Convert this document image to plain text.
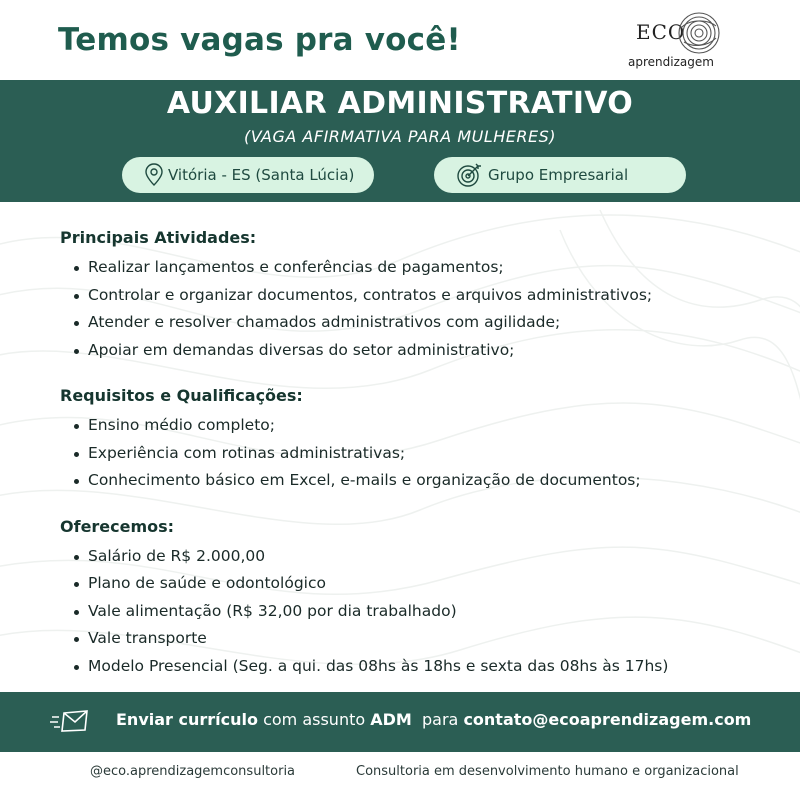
Temos vagas pra você!	ECO
aprendizagem
AUXILIAR ADMINISTRATIVO
(VAGA AFIRMATIVA PARA MULHERES)
Vitória - ES (Santa Lúcia)	Grupo Empresarial
Principais Atividades:
Realizar lançamentos e conferências de pagamentos;
Controlar e organizar documentos, contratos e arquivos administrativos;
Atender e resolver chamados administrativos com agilidade;
Apoiar em demandas diversas do setor administrativo;
Requisitos e Qualificações:
Ensino médio completo;
Experiência com rotinas administrativas;
Conhecimento básico em Excel, e-mails e organização de documentos;
Oferecemos:
Salário de R$ 2.000,00
Plano de saúde e odontológico
Vale alimentação (R$ 32,00 por dia trabalhado)
Vale transporte
Modelo Presencial (Seg. a qui. das 08hs às 18hs e sexta das 08hs às 17hs)
Enviar currículo com assunto ADM  para contato@ecoaprendizagem.com
@eco.aprendizagemconsultoria	Consultoria em desenvolvimento humano e organizacional
